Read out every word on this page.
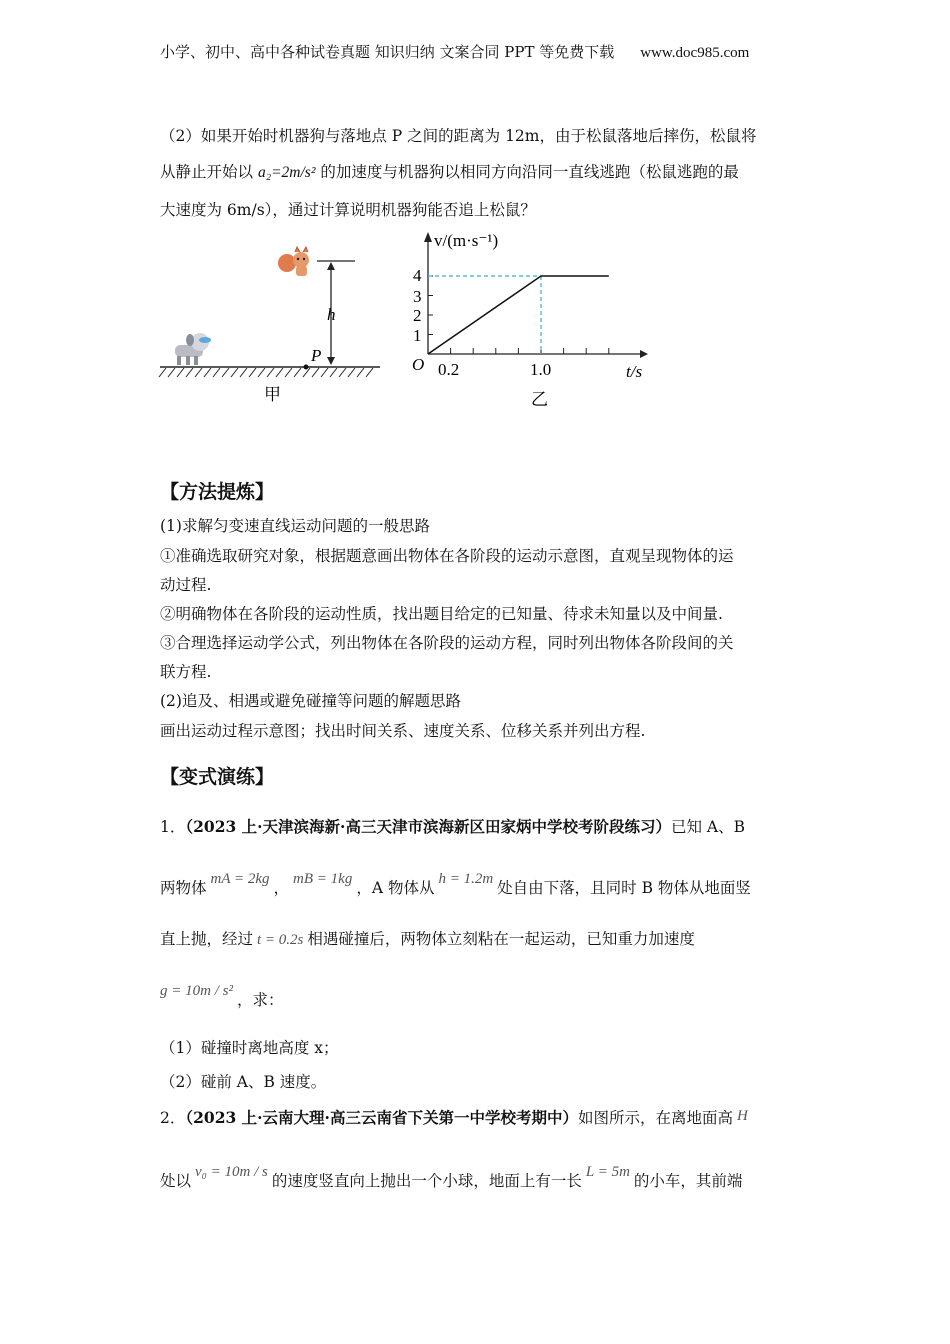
小学、初中、高中各种试卷真题 知识归纳 文案合同 PPT 等免费下载 www.doc985.com
（2）如果开始时机器狗与落地点 P 之间的距离为 12m，由于松鼠落地后摔伤，松鼠将
从静止开始以 a₂=2m/s² 的加速度与机器狗以相同方向沿同一直线逃跑（松鼠逃跑的最
大速度为 6m/s），通过计算说明机器狗能否追上松鼠？
h
P
甲
v/(m·s⁻¹)
t/s
O 0.2	1.0
1
2
3
4
乙
【方法提炼】
(1)求解匀变速直线运动问题的一般思路
①准确选取研究对象，根据题意画出物体在各阶段的运动示意图，直观呈现物体的运
动过程.
②明确物体在各阶段的运动性质，找出题目给定的已知量、待求未知量以及中间量.
③合理选择运动学公式，列出物体在各阶段的运动方程，同时列出物体各阶段间的关
联方程.
(2)追及、相遇或避免碰撞等问题的解题思路
画出运动过程示意图；找出时间关系、速度关系、位移关系并列出方程.
【变式演练】
1．（2023 上·天津滨海新·高三天津市滨海新区田家炳中学校考阶段练习）已知 A、B
两物体 mA = 2kg ， mB = 1kg ，A 物体从 h = 1.2m 处自由下落，且同时 B 物体从地面竖
直上抛，经过 t = 0.2s 相遇碰撞后，两物体立刻粘在一起运动，已知重力加速度
g = 10m / s² ，求：
（1）碰撞时离地高度 x；
（2）碰前 A、B 速度。
2．（2023 上·云南大理·高三云南省下关第一中学校考期中）如图所示，在离地面高 H
处以 v₀ = 10m / s 的速度竖直向上抛出一个小球，地面上有一长 L = 5m 的小车，其前端
